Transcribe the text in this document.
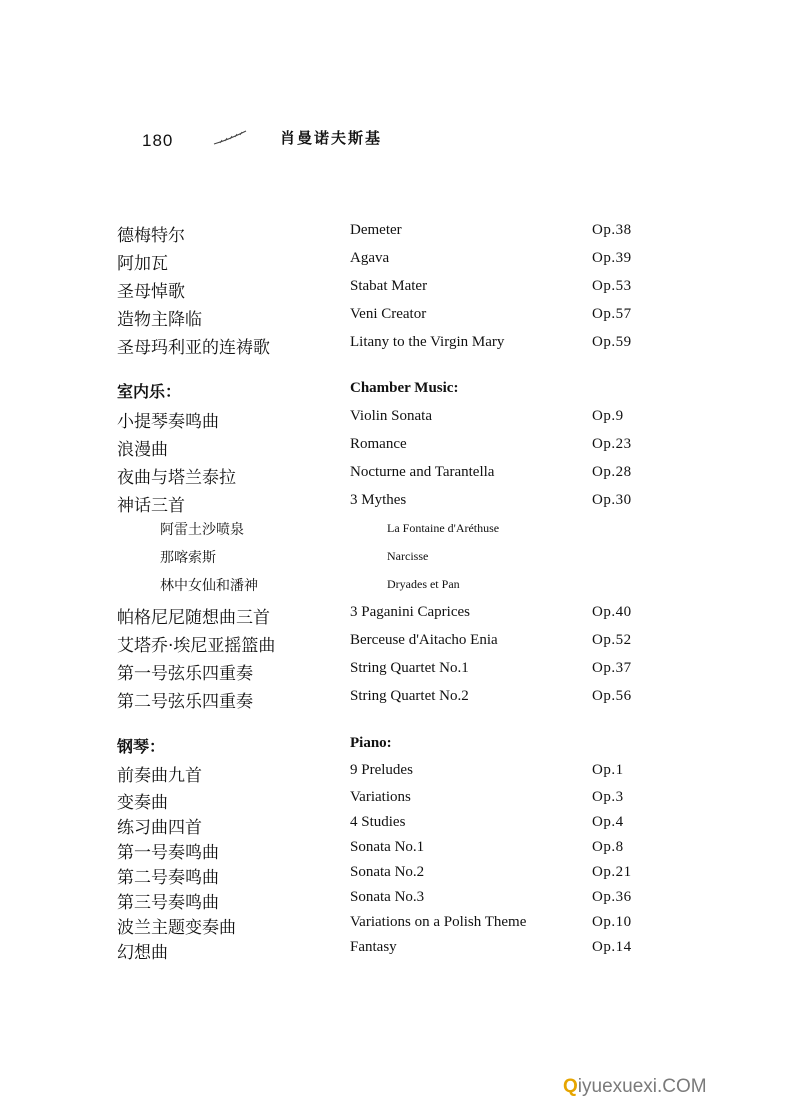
180	肖曼诺夫斯基
德梅特尔	Demeter	Op.38
阿加瓦	Agava	Op.39
圣母悼歌	Stabat Mater	Op.53
造物主降临	Veni Creator	Op.57
圣母玛利亚的连祷歌	Litany to the Virgin Mary	Op.59
室内乐：	Chamber Music:
小提琴奏鸣曲	Violin Sonata	Op.9
浪漫曲	Romance	Op.23
夜曲与塔兰泰拉	Nocturne and Tarantella	Op.28
神话三首	3 Mythes	Op.30
阿雷土沙喷泉	La Fontaine d'Aréthuse
那喀索斯	Narcisse
林中女仙和潘神	Dryades et Pan
帕格尼尼随想曲三首	3 Paganini Caprices	Op.40
艾塔乔·埃尼亚摇篮曲	Berceuse d'Aitacho Enia	Op.52
第一号弦乐四重奏	String Quartet No.1	Op.37
第二号弦乐四重奏	String Quartet No.2	Op.56
钢琴：	Piano:
前奏曲九首	9 Preludes	Op.1
变奏曲	Variations	Op.3
练习曲四首	4 Studies	Op.4
第一号奏鸣曲	Sonata No.1	Op.8
第二号奏鸣曲	Sonata No.2	Op.21
第三号奏鸣曲	Sonata No.3	Op.36
波兰主题变奏曲	Variations on a Polish Theme	Op.10
幻想曲	Fantasy	Op.14
Qiyuexuexi.COM
